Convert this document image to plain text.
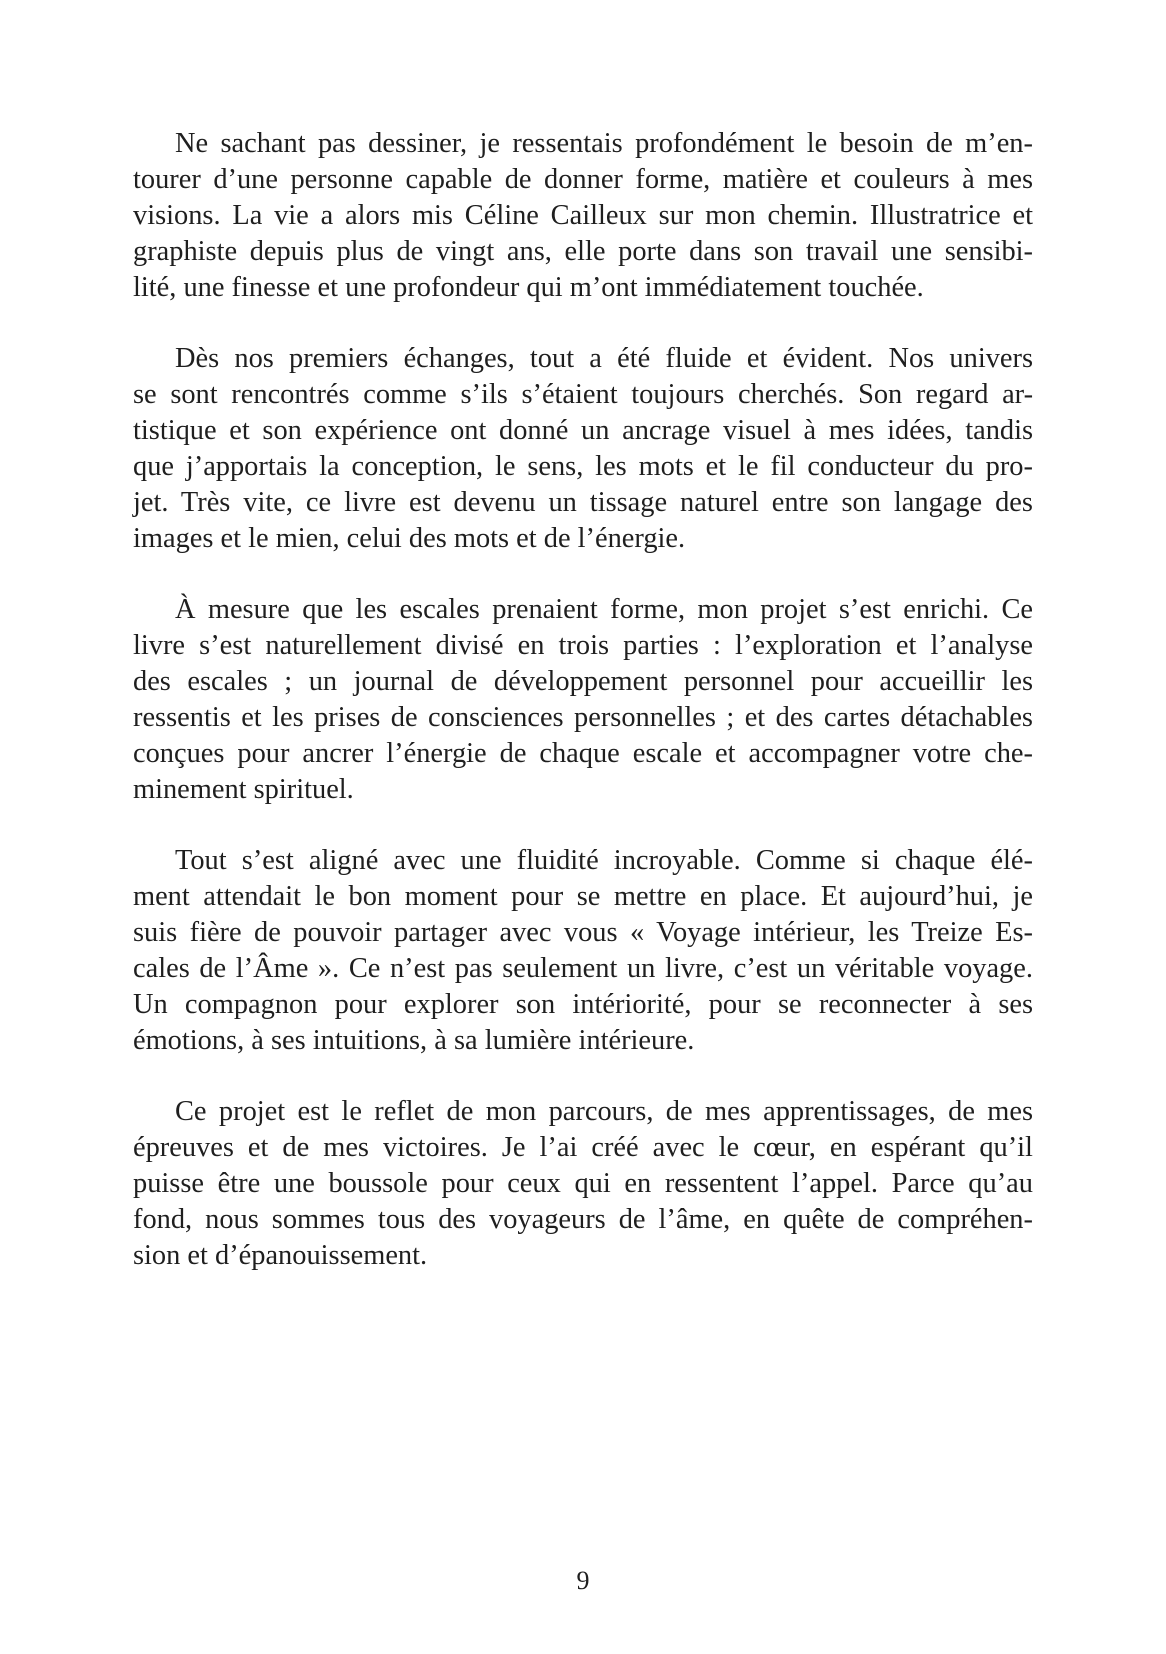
Ne sachant pas dessiner, je ressentais profondément le besoin de m’en-
tourer d’une personne capable de donner forme, matière et couleurs à mes
visions. La vie a alors mis Céline Cailleux sur mon chemin. Illustratrice et
graphiste depuis plus de vingt ans, elle porte dans son travail une sensibi-
lité, une finesse et une profondeur qui m’ont immédiatement touchée.
Dès nos premiers échanges, tout a été fluide et évident. Nos univers
se sont rencontrés comme s’ils s’étaient toujours cherchés. Son regard ar-
tistique et son expérience ont donné un ancrage visuel à mes idées, tandis
que j’apportais la conception, le sens, les mots et le fil conducteur du pro-
jet. Très vite, ce livre est devenu un tissage naturel entre son langage des
images et le mien, celui des mots et de l’énergie.
À mesure que les escales prenaient forme, mon projet s’est enrichi. Ce
livre s’est naturellement divisé en trois parties : l’exploration et l’analyse
des escales ; un journal de développement personnel pour accueillir les
ressentis et les prises de consciences personnelles ; et des cartes détachables
conçues pour ancrer l’énergie de chaque escale et accompagner votre che-
minement spirituel.
Tout s’est aligné avec une fluidité incroyable. Comme si chaque élé-
ment attendait le bon moment pour se mettre en place. Et aujourd’hui, je
suis fière de pouvoir partager avec vous « Voyage intérieur, les Treize Es-
cales de l’Âme ». Ce n’est pas seulement un livre, c’est un véritable voyage.
Un compagnon pour explorer son intériorité, pour se reconnecter à ses
émotions, à ses intuitions, à sa lumière intérieure.
Ce projet est le reflet de mon parcours, de mes apprentissages, de mes
épreuves et de mes victoires. Je l’ai créé avec le cœur, en espérant qu’il
puisse être une boussole pour ceux qui en ressentent l’appel. Parce qu’au
fond, nous sommes tous des voyageurs de l’âme, en quête de compréhen-
sion et d’épanouissement.
9
